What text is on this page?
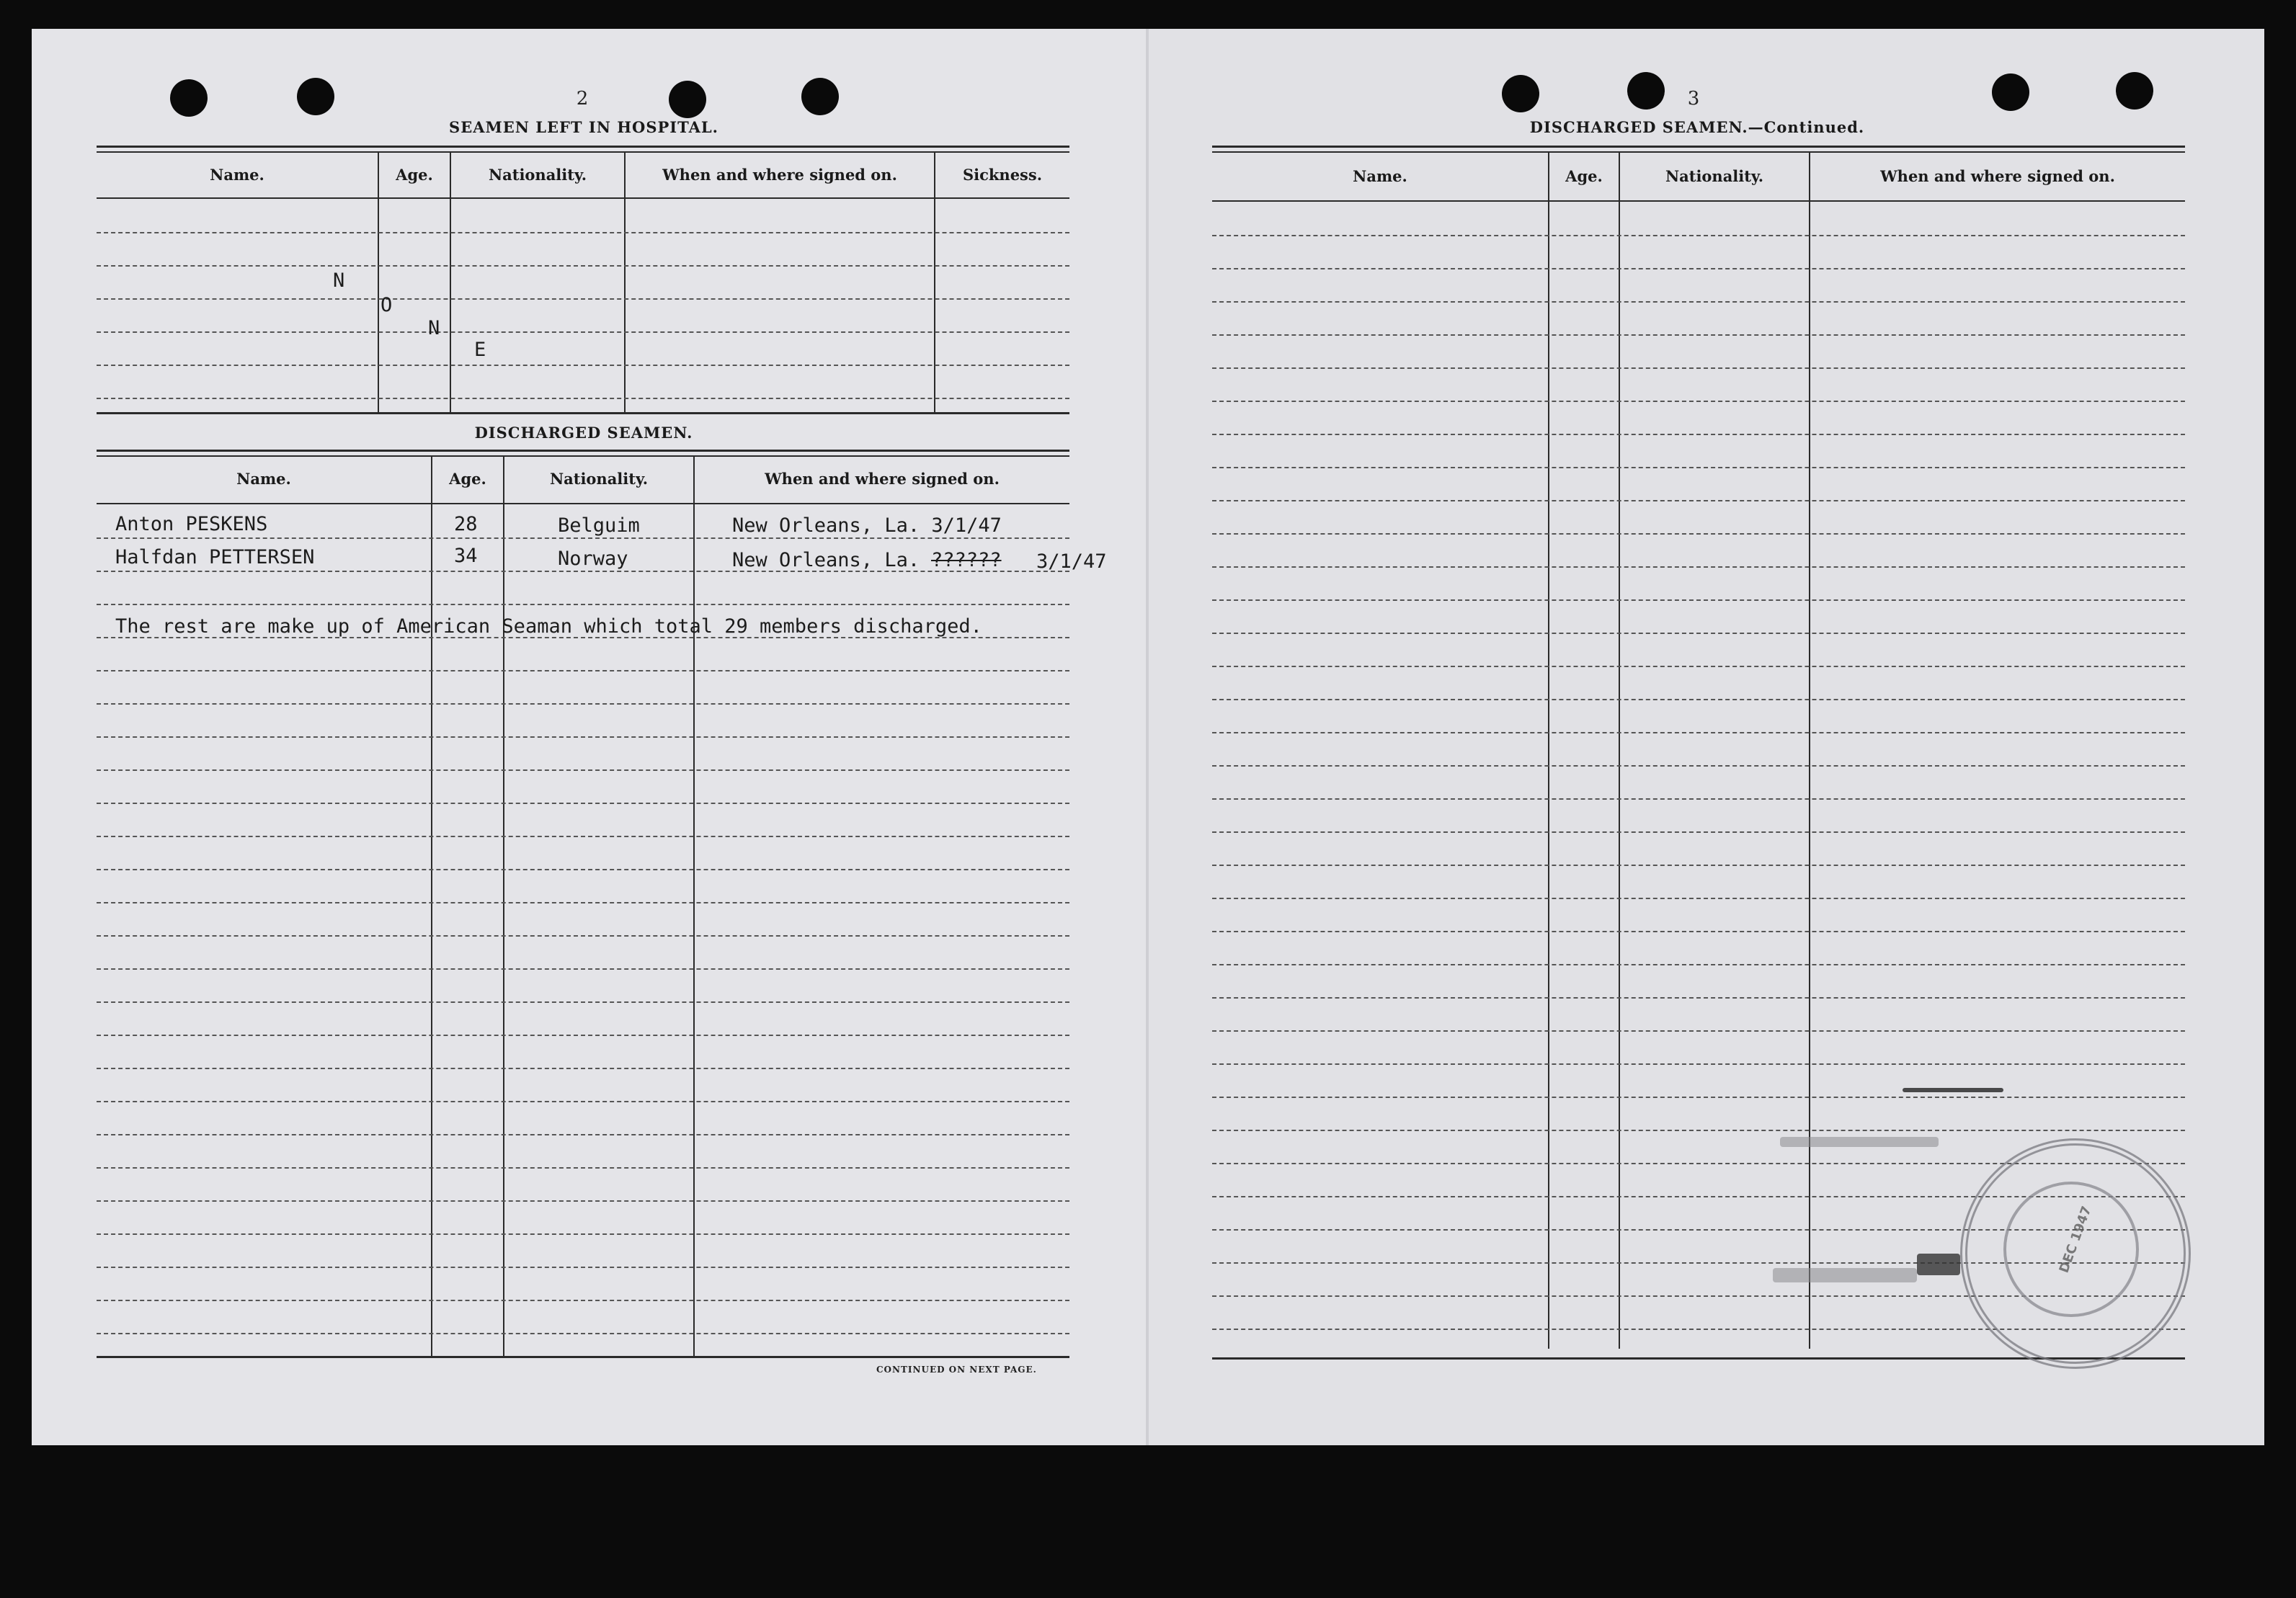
2
SEAMEN LEFT IN HOSPITAL.
Name.	Age.	Nationality.	When and where signed on.	Sickness.
N
O
N
E
DISCHARGED SEAMEN.
Name.	Age.	Nationality.	When and where signed on.
Anton PESKENS	28	Belguim	New Orleans, La. 3/1/47
Halfdan PETTERSEN	34	Norway	New Orleans, La. ?????? 3/1/47
The rest are make up of American Seaman which total 29 members discharged.
CONTINUED ON NEXT PAGE.
3
DISCHARGED SEAMEN.—Continued.
Name.	Age.	Nationality.	When and where signed on.
DEC 1947
